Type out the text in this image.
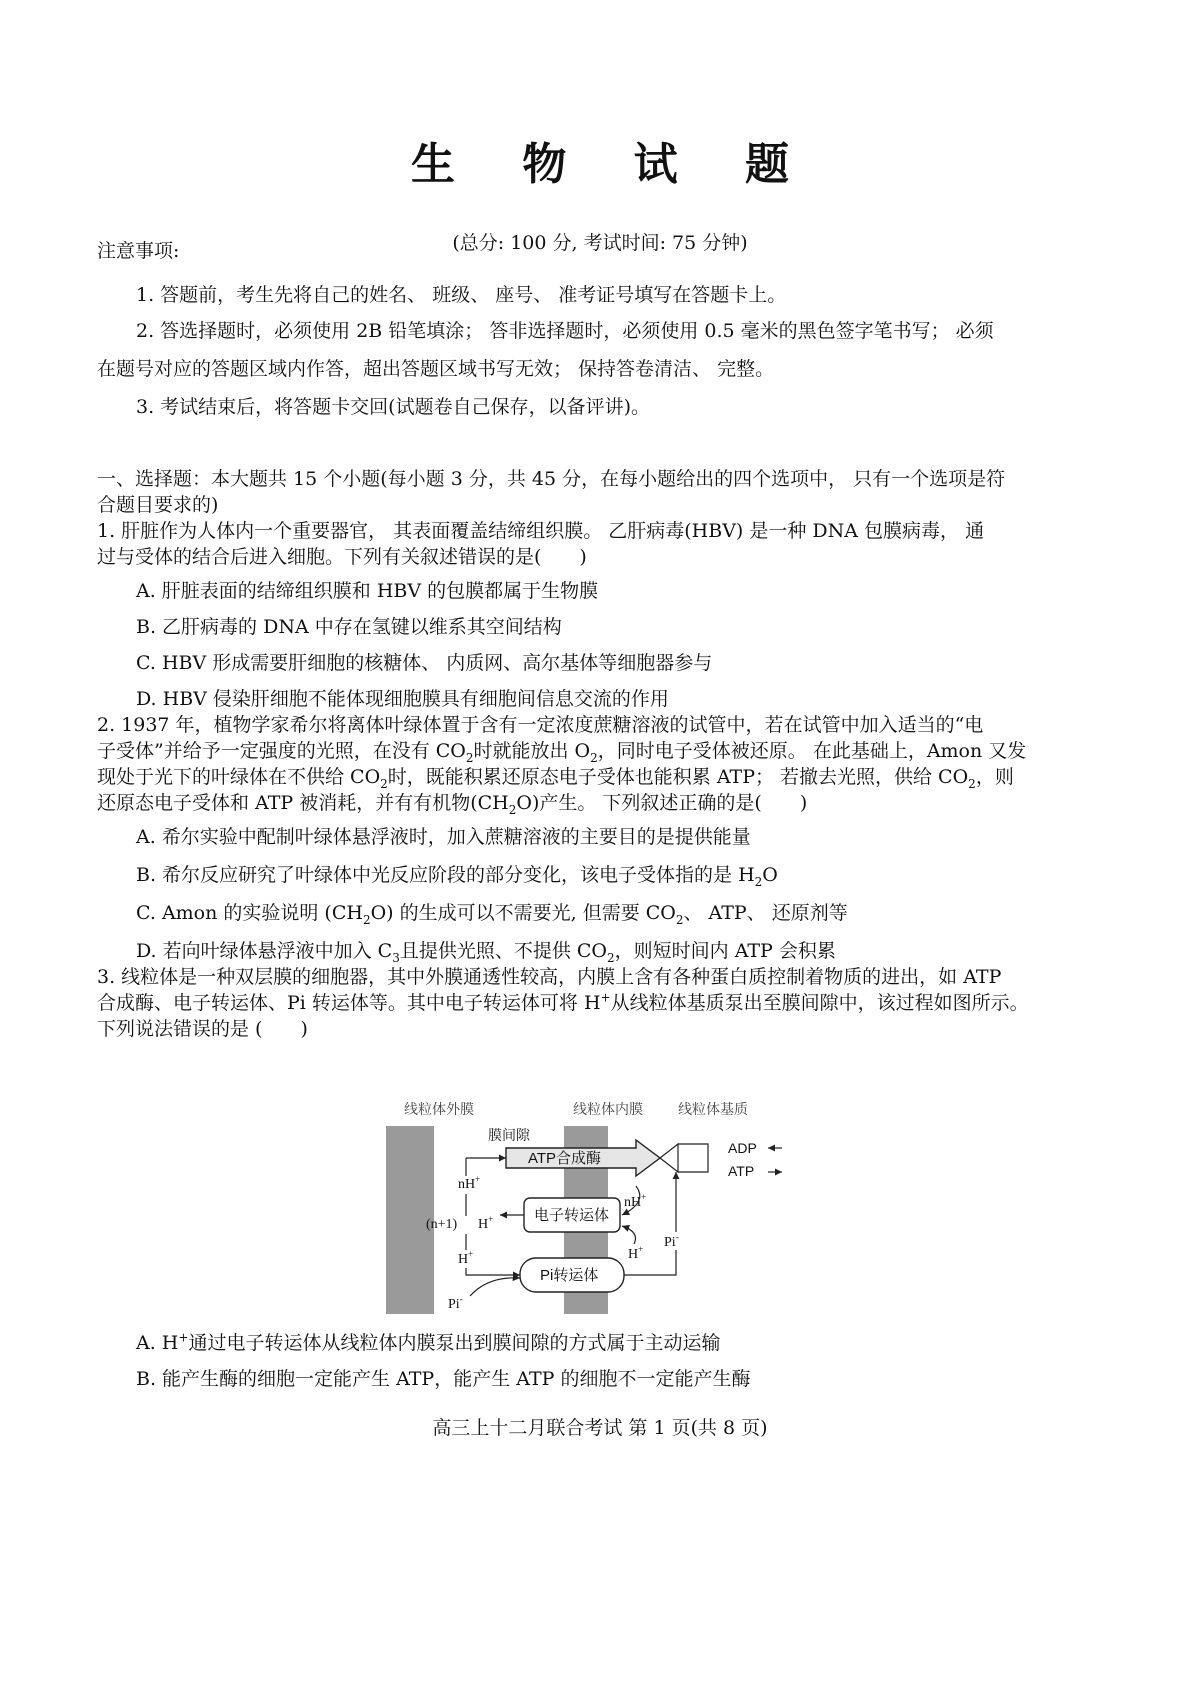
生 物 试 题
(总分: 100 分, 考试时间: 75 分钟)
注意事项:
1. 答题前，考生先将自己的姓名、 班级、 座号、 准考证号填写在答题卡上。
2. 答选择题时，必须使用 2B 铅笔填涂； 答非选择题时，必须使用 0.5 毫米的黑色签字笔书写； 必须
在题号对应的答题区域内作答，超出答题区域书写无效； 保持答卷清洁、 完整。
3. 考试结束后，将答题卡交回(试题卷自己保存，以备评讲)。
一、选择题：本大题共 15 个小题(每小题 3 分，共 45 分，在每小题给出的四个选项中， 只有一个选项是符
合题目要求的)
1. 肝脏作为人体内一个重要器官， 其表面覆盖结缔组织膜。 乙肝病毒(HBV) 是一种 DNA 包膜病毒， 通
过与受体的结合后进入细胞。下列有关叙述错误的是(　　)
A. 肝脏表面的结缔组织膜和 HBV 的包膜都属于生物膜
B. 乙肝病毒的 DNA 中存在氢键以维系其空间结构
C. HBV 形成需要肝细胞的核糖体、 内质网、高尔基体等细胞器参与
D. HBV 侵染肝细胞不能体现细胞膜具有细胞间信息交流的作用
2. 1937 年，植物学家希尔将离体叶绿体置于含有一定浓度蔗糖溶液的试管中，若在试管中加入适当的“电
子受体”并给予一定强度的光照，在没有 $CO_2$时就能放出 $O_2$，同时电子受体被还原。 在此基础上，Amon 又发
现处于光下的叶绿体在不供给 $CO_2$时，既能积累还原态电子受体也能积累 ATP； 若撤去光照，供给 $CO_2$，则
还原态电子受体和 ATP 被消耗，并有有机物$(CH_2O)$产生。 下列叙述正确的是(　　)
A. 希尔实验中配制叶绿体悬浮液时，加入蔗糖溶液的主要目的是提供能量
B. 希尔反应研究了叶绿体中光反应阶段的部分变化，该电子受体指的是 $H_2O$
C. Amon 的实验说明 $(CH_2O)$ 的生成可以不需要光, 但需要 $CO_2$、 ATP、 还原剂等
D. 若向叶绿体悬浮液中加入 $C_3$且提供光照、不提供 $CO_2$，则短时间内 ATP 会积累
3. 线粒体是一种双层膜的细胞器，其中外膜通透性较高，内膜上含有各种蛋白质控制着物质的进出，如 ATP
合成酶、电子转运体、Pi 转运体等。其中电子转运体可将 H+从线粒体基质泵出至膜间隙中，该过程如图所示。
下列说法错误的是 (　　)
线粒体外膜	线粒体内膜	线粒体基质
膜间隙
ATP合成酶
ADP
ATP
电子转运体
Pi转运体
nH+
(n+1) H+
H+
nH+
H+
Pi-
Pi-
A. H+通过电子转运体从线粒体内膜泵出到膜间隙的方式属于主动运输
B. 能产生酶的细胞一定能产生 ATP，能产生 ATP 的细胞不一定能产生酶
高三上十二月联合考试 第 1 页(共 8 页)
